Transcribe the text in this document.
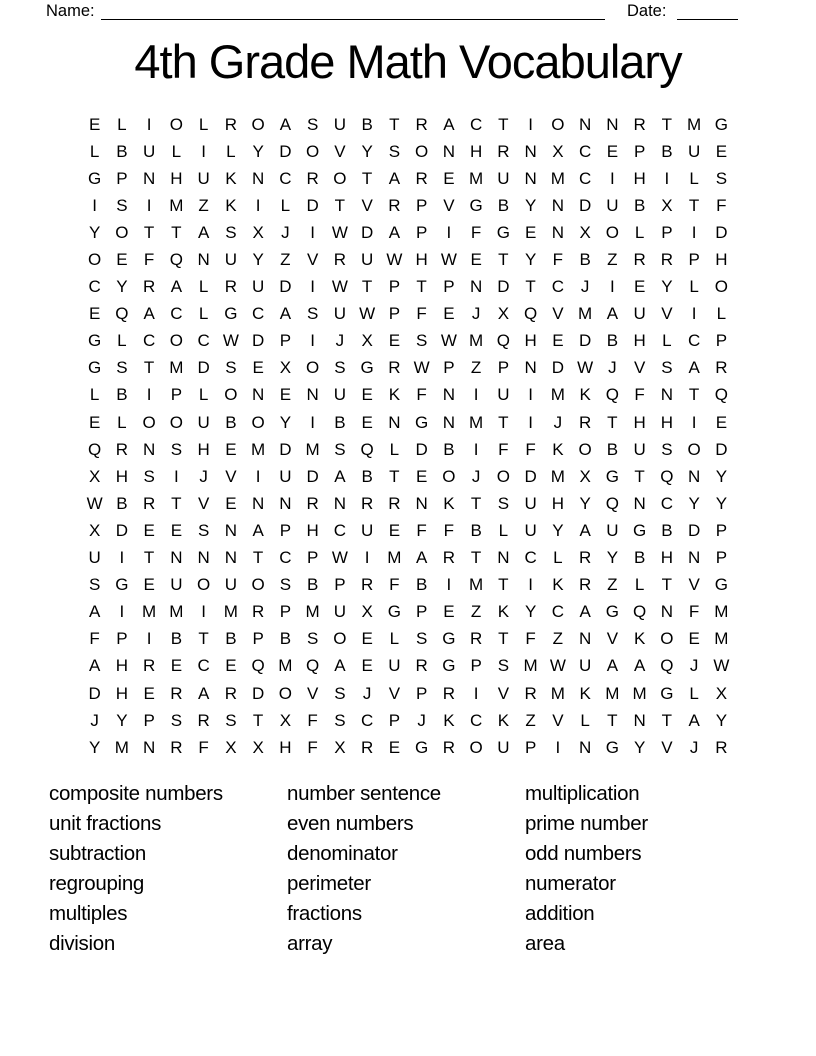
Name:	Date:
4th Grade Math Vocabulary
E L	I	O L R O A S U B T R A C T	I	O N N R T M G
L B U L	I	L Y D O V Y S O N H R N X C E P B U E
G P N H U K N C R O T A R E M U N M C	I	H	I	L S
I	S	I	M Z K	I	L D T V R P V G B Y N D U B X T F
Y O T T A S X	J	I W D A P	I	F G E N X O L P	I	D
O E F Q N U Y Z V R U W H W E T Y F B Z R R P H
C Y R A L R U D	I W T P T P N D T C J	I	E Y L O
E Q A C L G C A S U W P F E	J	X Q V M A U V	I	L
G L C O C W D P	I	J	X E S W M Q H E D B H L C P
G S T M D S E X O S G R W P Z P N D W J	V S A R
L B	I	P L O N E N U E K F N	I	U	I	M K Q F N T Q
E L O O U B O Y	I	B E N G N M T	I	J R T H H	I	E
Q R N S H E M D M S Q L D B	I	F F K O B U S O D
X H S	I	J	V	I	U D A B T E O J O D M X G T Q N Y
W B R T V E N N R N R R N K T S U H Y Q N C Y Y
X D E E S N A P H C U E F F B L U Y A U G B D P
U	I	T N N N T C P W I	M A R T N C L R Y B H N P
S G E U O U O S B P R F B	I	M T	I	K R Z	L	T V G
A	I	M M	I	M R P M U X G P E Z K Y C A G Q N F M
F P	I	B T B P B S O E L S G R T F Z N V K O E M
A H R E C E Q M Q A E U R G P S M W U A A Q J W
D H E R A R D O V S	J	V P R	I	V R M K M M G L X
J	Y P S R S T X F S C P	J	K C K Z V L	T N T A Y
Y M N R F X X H F X R E G R O U P	I	N G Y V	J R
composite numbers
unit fractions
subtraction
regrouping
multiples
division
number sentence
even numbers
denominator
perimeter
fractions
array
multiplication
prime number
odd numbers
numerator
addition
area
